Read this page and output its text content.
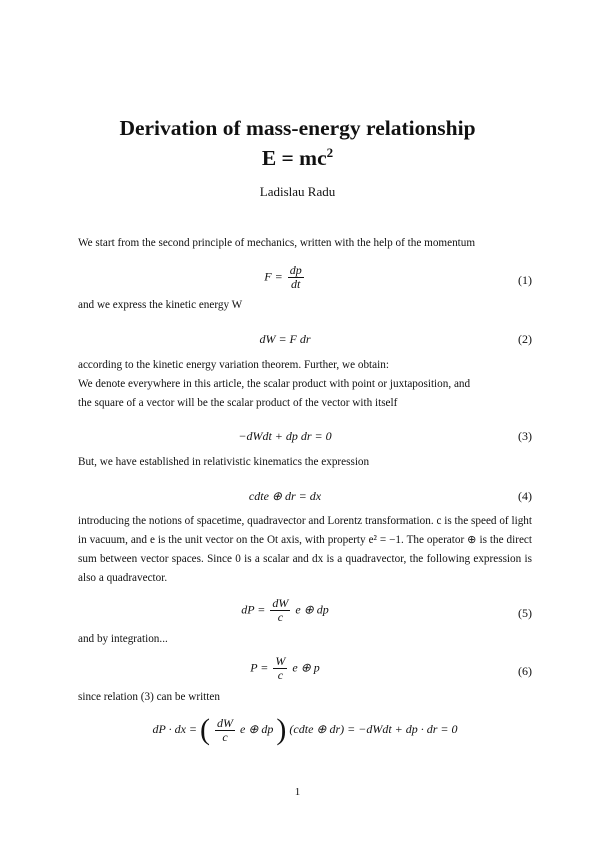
Derivation of mass-energy relationship
$E = mc^2$
Ladislau Radu
We start from the second principle of mechanics, written with the help of the momentum
$F = \frac{dp}{dt}$	(1)
and we express the kinetic energy W
dW = F dr	(2)
according to the kinetic energy variation theorem. Further, we obtain:
We denote everywhere in this article, the scalar product with point or juxtaposition, and
the square of a vector will be the scalar product of the vector with itself
−dWdt + dp dr = 0	(3)
But, we have established in relativistic kinematics the expression
cdte ⊕ dr = dx	(4)
introducing the notions of spacetime, quadravector and Lorentz transformation. c is the speed of light in vacuum, and e is the unit vector on the Ot axis, with property e² = −1. The operator ⊕ is the direct sum between vector spaces. Since 0 is a scalar and dx is a quadravector, the following expression is also a quadravector.
dP = $\frac{dW}{c}$ e ⊕ dp	(5)
and by integration...
$P = \frac{W}{c}$ e ⊕ p	(6)
since relation (3) can be written
dP · dx = ( $\frac{dW}{c}$ e ⊕ dp ) (cdte ⊕ dr) = −dWdt + dp · dr = 0
1
